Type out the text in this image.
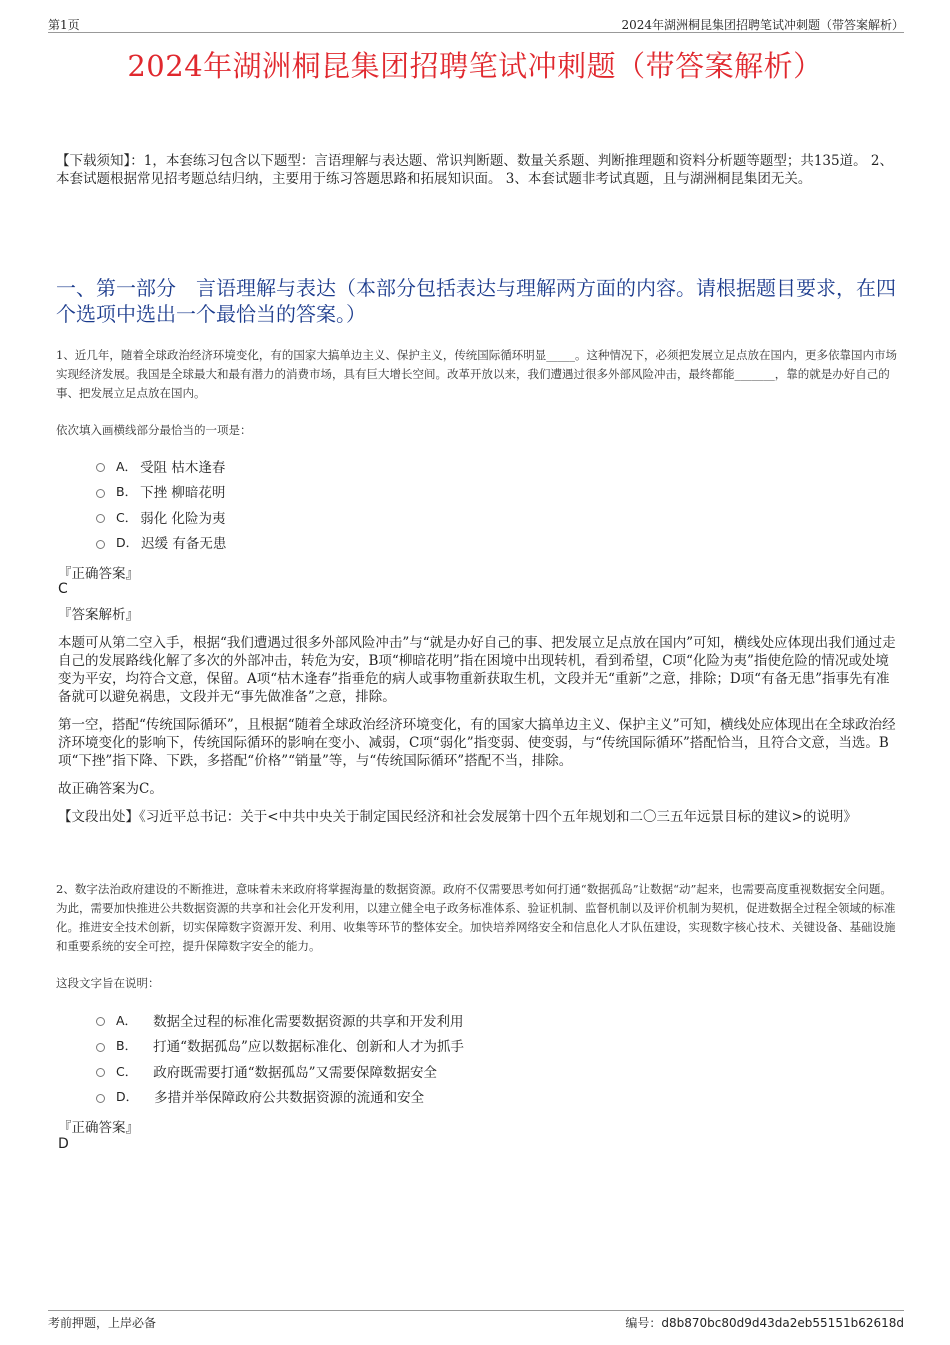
第1页	2024年湖洲桐昆集团招聘笔试冲刺题（带答案解析）
2024年湖洲桐昆集团招聘笔试冲刺题（带答案解析）
【下载须知】：1，本套练习包含以下题型：言语理解与表达题、常识判断题、数量关系题、判断推理题和资料分析题等题型；共135道。 2、本套试题根据常见招考题总结归纳，主要用于练习答题思路和拓展知识面。 3、本套试题非考试真题，且与湖洲桐昆集团无关。
一、第一部分　言语理解与表达（本部分包括表达与理解两方面的内容。请根据题目要求，在四个选项中选出一个最恰当的答案。）
1、近几年，随着全球政治经济环境变化，有的国家大搞单边主义、保护主义，传统国际循环明显_____。这种情况下，必须把发展立足点放在国内，更多依靠国内市场实现经济发展。我国是全球最大和最有潜力的消费市场，具有巨大增长空间。改革开放以来，我们遭遇过很多外部风险冲击，最终都能_______，靠的就是办好自己的事、把发展立足点放在国内。
依次填入画横线部分最恰当的一项是：
A． 受阻 枯木逢春
B． 下挫 柳暗花明
C． 弱化 化险为夷
D． 迟缓 有备无患
『正确答案』
C
『答案解析』

本题可从第二空入手，根据“我们遭遇过很多外部风险冲击”与“就是办好自己的事、把发展立足点放在国内”可知，横线处应体现出我们通过走自己的发展路线化解了多次的外部冲击，转危为安，B项“柳暗花明”指在困境中出现转机，看到希望，C项“化险为夷”指使危险的情况或处境变为平安，均符合文意，保留。A项“枯木逢春”指垂危的病人或事物重新获取生机，文段并无“重新”之意，排除；D项“有备无患”指事先有准备就可以避免祸患，文段并无“事先做准备”之意，排除。

第一空，搭配“传统国际循环”，且根据“随着全球政治经济环境变化，有的国家大搞单边主义、保护主义”可知，横线处应体现出在全球政治经济环境变化的影响下，传统国际循环的影响在变小、减弱，C项“弱化”指变弱、使变弱，与“传统国际循环”搭配恰当，且符合文意，当选。B项“下挫”指下降、下跌，多搭配“价格”“销量”等，与“传统国际循环”搭配不当，排除。

故正确答案为C。

【文段出处】《习近平总书记：关于<中共中央关于制定国民经济和社会发展第十四个五年规划和二〇三五年远景目标的建议>的说明》

2、数字法治政府建设的不断推进，意味着未来政府将掌握海量的数据资源。政府不仅需要思考如何打通“数据孤岛”让数据“动”起来，也需要高度重视数据安全问题。为此，需要加快推进公共数据资源的共享和社会化开发利用，以建立健全电子政务标准体系、验证机制、监督机制以及评价机制为契机，促进数据全过程全领域的标准化。推进安全技术创新，切实保障数字资源开发、利用、收集等环节的整体安全。加快培养网络安全和信息化人才队伍建设，实现数字核心技术、关键设备、基础设施和重要系统的安全可控，提升保障数字安全的能力。
这段文字旨在说明：
A． 数据全过程的标准化需要数据资源的共享和开发利用
B． 打通“数据孤岛”应以数据标准化、创新和人才为抓手
C． 政府既需要打通“数据孤岛”又需要保障数据安全
D． 多措并举保障政府公共数据资源的流通和安全
『正确答案』
D
考前押题，上岸必备	编号：d8b870bc80d9d43da2eb55151b62618d
